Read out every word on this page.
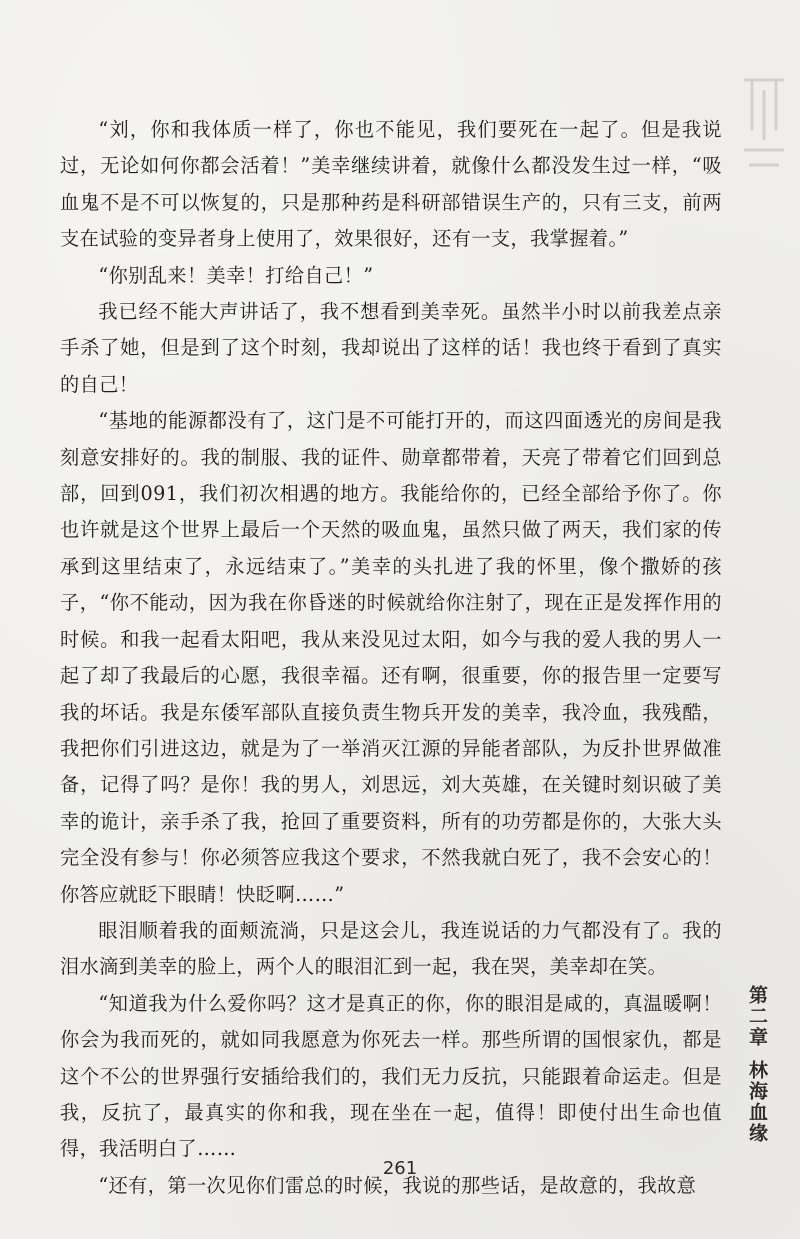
“刘，你和我体质一样了，你也不能见，我们要死在一起了。但是我说过，无论如何你都会活着！”美幸继续讲着，就像什么都没发生过一样，“吸血鬼不是不可以恢复的，只是那种药是科研部错误生产的，只有三支，前两支在试验的变异者身上使用了，效果很好，还有一支，我掌握着。”

“你别乱来！美幸！打给自己！”

我已经不能大声讲话了，我不想看到美幸死。虽然半小时以前我差点亲手杀了她，但是到了这个时刻，我却说出了这样的话！我也终于看到了真实的自己！

“基地的能源都没有了，这门是不可能打开的，而这四面透光的房间是我刻意安排好的。我的制服、我的证件、勋章都带着，天亮了带着它们回到总部，回到091，我们初次相遇的地方。我能给你的，已经全部给予你了。你也许就是这个世界上最后一个天然的吸血鬼，虽然只做了两天，我们家的传承到这里结束了，永远结束了。”美幸的头扎进了我的怀里，像个撒娇的孩子，“你不能动，因为我在你昏迷的时候就给你注射了，现在正是发挥作用的时候。和我一起看太阳吧，我从来没见过太阳，如今与我的爱人我的男人一起了却了我最后的心愿，我很幸福。还有啊，很重要，你的报告里一定要写我的坏话。我是东倭军部队直接负责生物兵开发的美幸，我冷血，我残酷，我把你们引进这边，就是为了一举消灭江源的异能者部队，为反扑世界做准备，记得了吗？是你！我的男人，刘思远，刘大英雄，在关键时刻识破了美幸的诡计，亲手杀了我，抢回了重要资料，所有的功劳都是你的，大张大头完全没有参与！你必须答应我这个要求，不然我就白死了，我不会安心的！你答应就眨下眼睛！快眨啊……”

眼泪顺着我的面颊流淌，只是这会儿，我连说话的力气都没有了。我的泪水滴到美幸的脸上，两个人的眼泪汇到一起，我在哭，美幸却在笑。

“知道我为什么爱你吗？这才是真正的你，你的眼泪是咸的，真温暖啊！你会为我而死的，就如同我愿意为你死去一样。那些所谓的国恨家仇，都是这个不公的世界强行安插给我们的，我们无力反抗，只能跟着命运走。但是我，反抗了，最真实的你和我，现在坐在一起，值得！即使付出生命也值得，我活明白了……

“还有，第一次见你们雷总的时候，我说的那些话，是故意的，我故意

第二章林海血缘
261
